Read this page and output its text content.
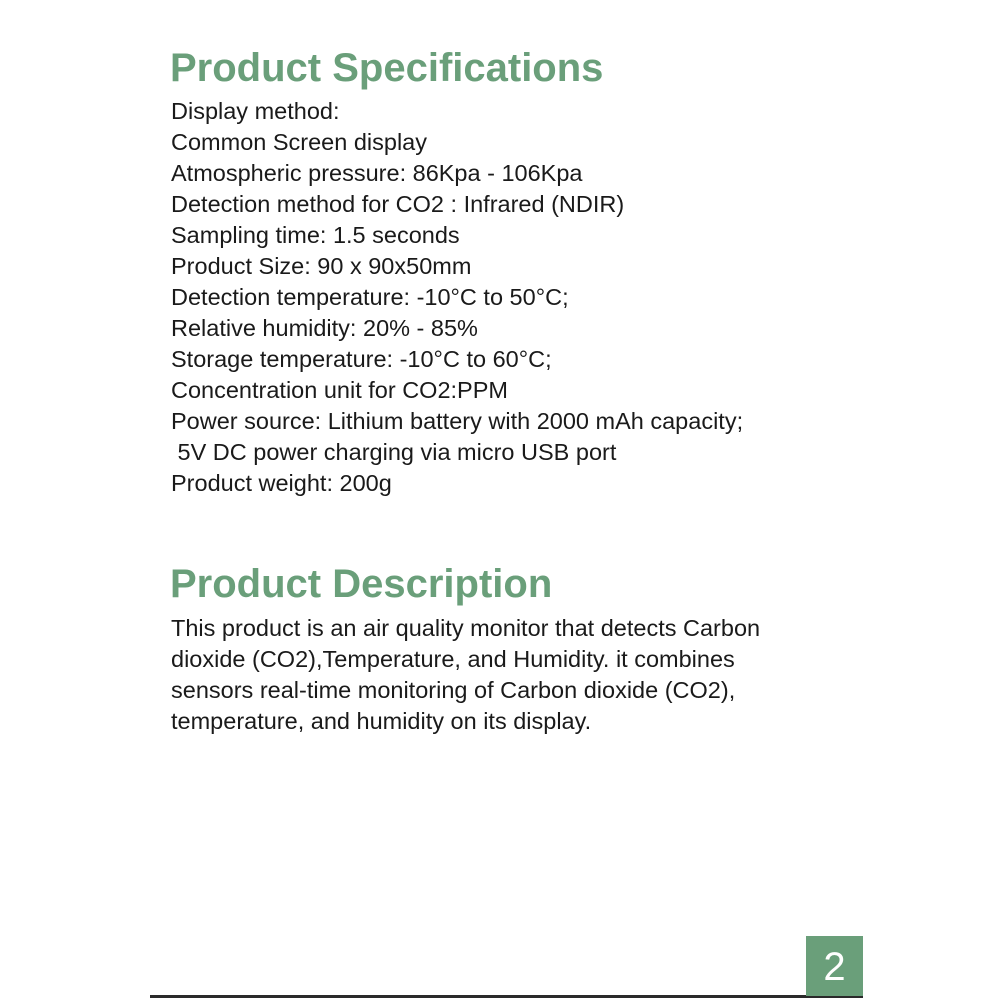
Product Specifications
Display method:
Common Screen display
Atmospheric pressure: 86Kpa - 106Kpa
Detection method for CO2 : Infrared (NDIR)
Sampling time: 1.5 seconds
Product Size: 90 x 90x50mm
Detection temperature: -10°C to 50°C;
Relative humidity: 20% - 85%
Storage temperature: -10°C to 60°C;
Concentration unit for CO2:PPM
Power source: Lithium battery with 2000 mAh capacity;
5V DC power charging via micro USB port
Product weight: 200g
Product Description
This product is an air quality monitor that detects Carbon
dioxide (CO2),Temperature, and Humidity. it combines
sensors real-time monitoring of Carbon dioxide (CO2),
temperature, and humidity on its display.
2
